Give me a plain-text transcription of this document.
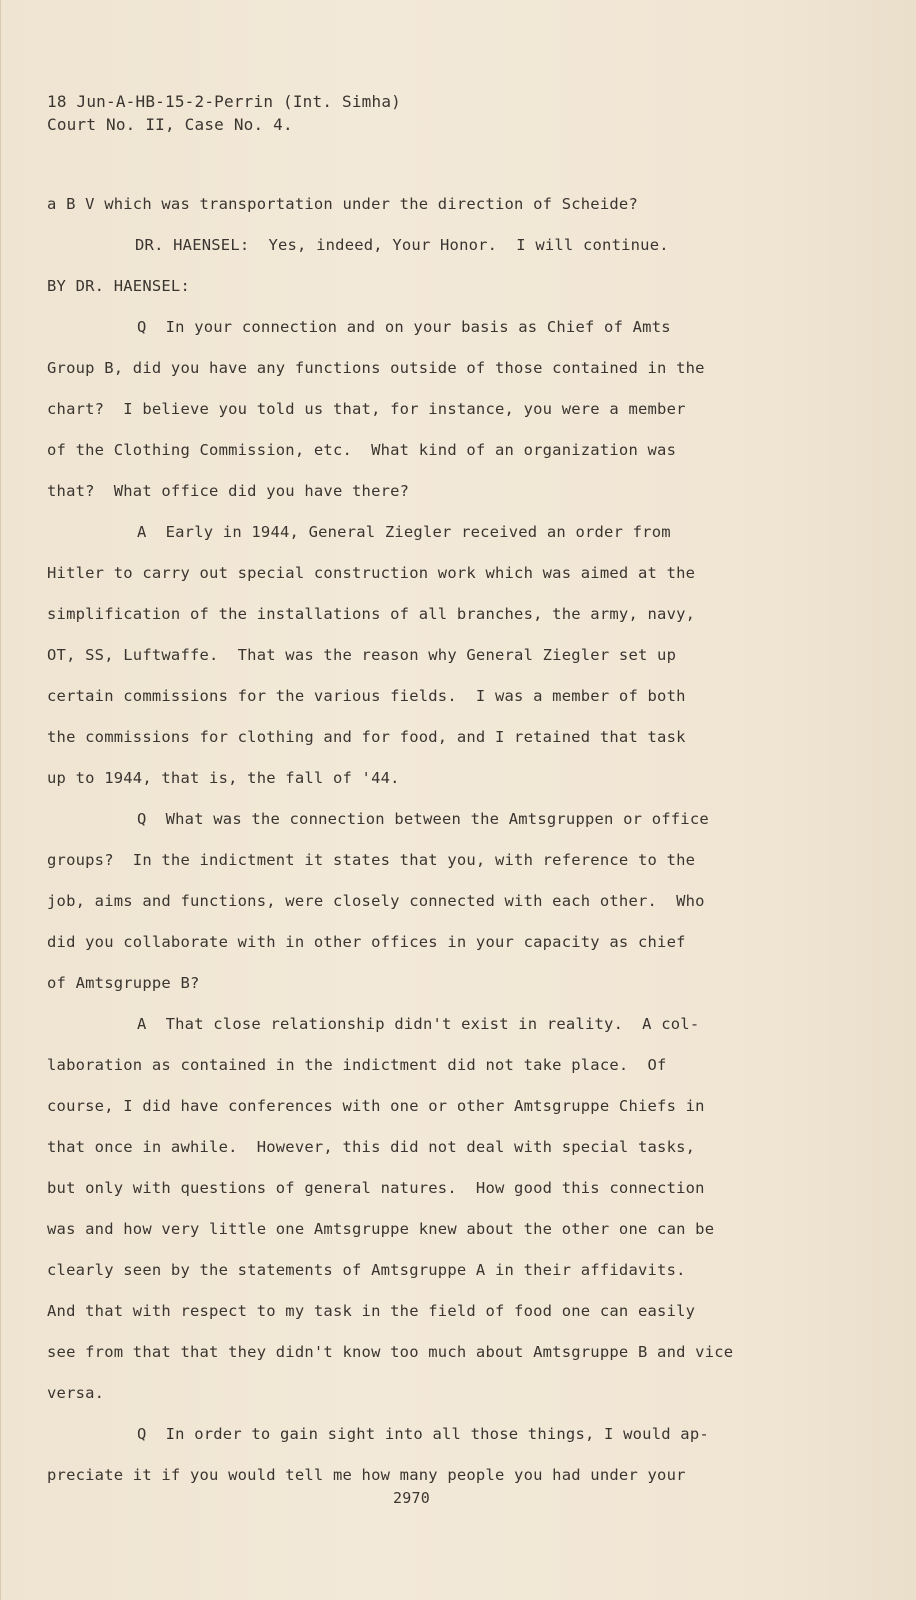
18 Jun-A-HB-15-2-Perrin (Int. Simha)
Court No. II, Case No. 4.
a B V which was transportation under the direction of Scheide?
DR. HAENSEL:  Yes, indeed, Your Honor.  I will continue.
BY DR. HAENSEL:
Q  In your connection and on your basis as Chief of Amts
Group B, did you have any functions outside of those contained in the
chart?  I believe you told us that, for instance, you were a member
of the Clothing Commission, etc.  What kind of an organization was
that?  What office did you have there?
A  Early in 1944, General Ziegler received an order from
Hitler to carry out special construction work which was aimed at the
simplification of the installations of all branches, the army, navy,
OT, SS, Luftwaffe.  That was the reason why General Ziegler set up
certain commissions for the various fields.  I was a member of both
the commissions for clothing and for food, and I retained that task
up to 1944, that is, the fall of '44.
Q  What was the connection between the Amtsgruppen or office
groups?  In the indictment it states that you, with reference to the
job, aims and functions, were closely connected with each other.  Who
did you collaborate with in other offices in your capacity as chief
of Amtsgruppe B?
A  That close relationship didn't exist in reality.  A col-
laboration as contained in the indictment did not take place.  Of
course, I did have conferences with one or other Amtsgruppe Chiefs in
that once in awhile.  However, this did not deal with special tasks,
but only with questions of general natures.  How good this connection
was and how very little one Amtsgruppe knew about the other one can be
clearly seen by the statements of Amtsgruppe A in their affidavits.
And that with respect to my task in the field of food one can easily
see from that that they didn't know too much about Amtsgruppe B and vice
versa.
Q  In order to gain sight into all those things, I would ap-
preciate it if you would tell me how many people you had under your
2970
